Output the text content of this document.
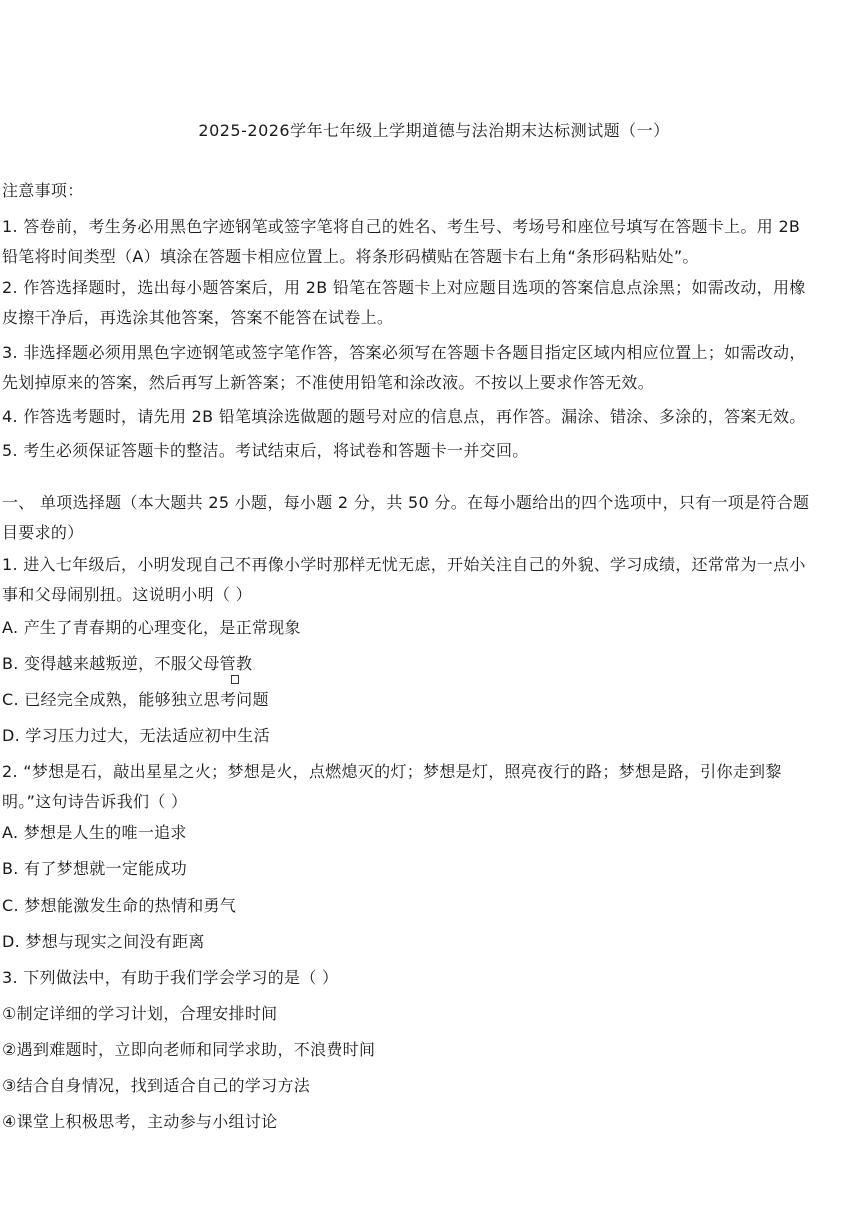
2025-2026学年七年级上学期道德与法治期末达标测试题（一）
注意事项：
1. 答卷前，考生务必用黑色字迹钢笔或签字笔将自己的姓名、考生号、考场号和座位号填写在答题卡上。用 2B
铅笔将时间类型（A）填涂在答题卡相应位置上。将条形码横贴在答题卡右上角“条形码粘贴处”。
2. 作答选择题时，选出每小题答案后，用 2B 铅笔在答题卡上对应题目选项的答案信息点涂黑；如需改动，用橡
皮擦干净后，再选涂其他答案，答案不能答在试卷上。
3. 非选择题必须用黑色字迹钢笔或签字笔作答，答案必须写在答题卡各题目指定区域内相应位置上；如需改动，
先划掉原来的答案，然后再写上新答案；不准使用铅笔和涂改液。不按以上要求作答无效。
4. 作答选考题时，请先用 2B 铅笔填涂选做题的题号对应的信息点，再作答。漏涂、错涂、多涂的，答案无效。
5. 考生必须保证答题卡的整洁。考试结束后，将试卷和答题卡一并交回。
一、 单项选择题（本大题共 25 小题，每小题 2 分，共 50 分。在每小题给出的四个选项中，只有一项是符合题
目要求的）
1. 进入七年级后，小明发现自己不再像小学时那样无忧无虑，开始关注自己的外貌、学习成绩，还常常为一点小
事和父母闹别扭。这说明小明（ ）
A. 产生了青春期的心理变化，是正常现象
B. 变得越来越叛逆，不服父母管教
C. 已经完全成熟，能够独立思考问题
D. 学习压力过大，无法适应初中生活
2. “梦想是石，敲出星星之火；梦想是火，点燃熄灭的灯；梦想是灯，照亮夜行的路；梦想是路，引你走到黎
明。”这句诗告诉我们（ ）
A. 梦想是人生的唯一追求
B. 有了梦想就一定能成功
C. 梦想能激发生命的热情和勇气
D. 梦想与现实之间没有距离
3. 下列做法中，有助于我们学会学习的是（ ）
①制定详细的学习计划，合理安排时间
②遇到难题时，立即向老师和同学求助，不浪费时间
③结合自身情况，找到适合自己的学习方法
④课堂上积极思考，主动参与小组讨论
